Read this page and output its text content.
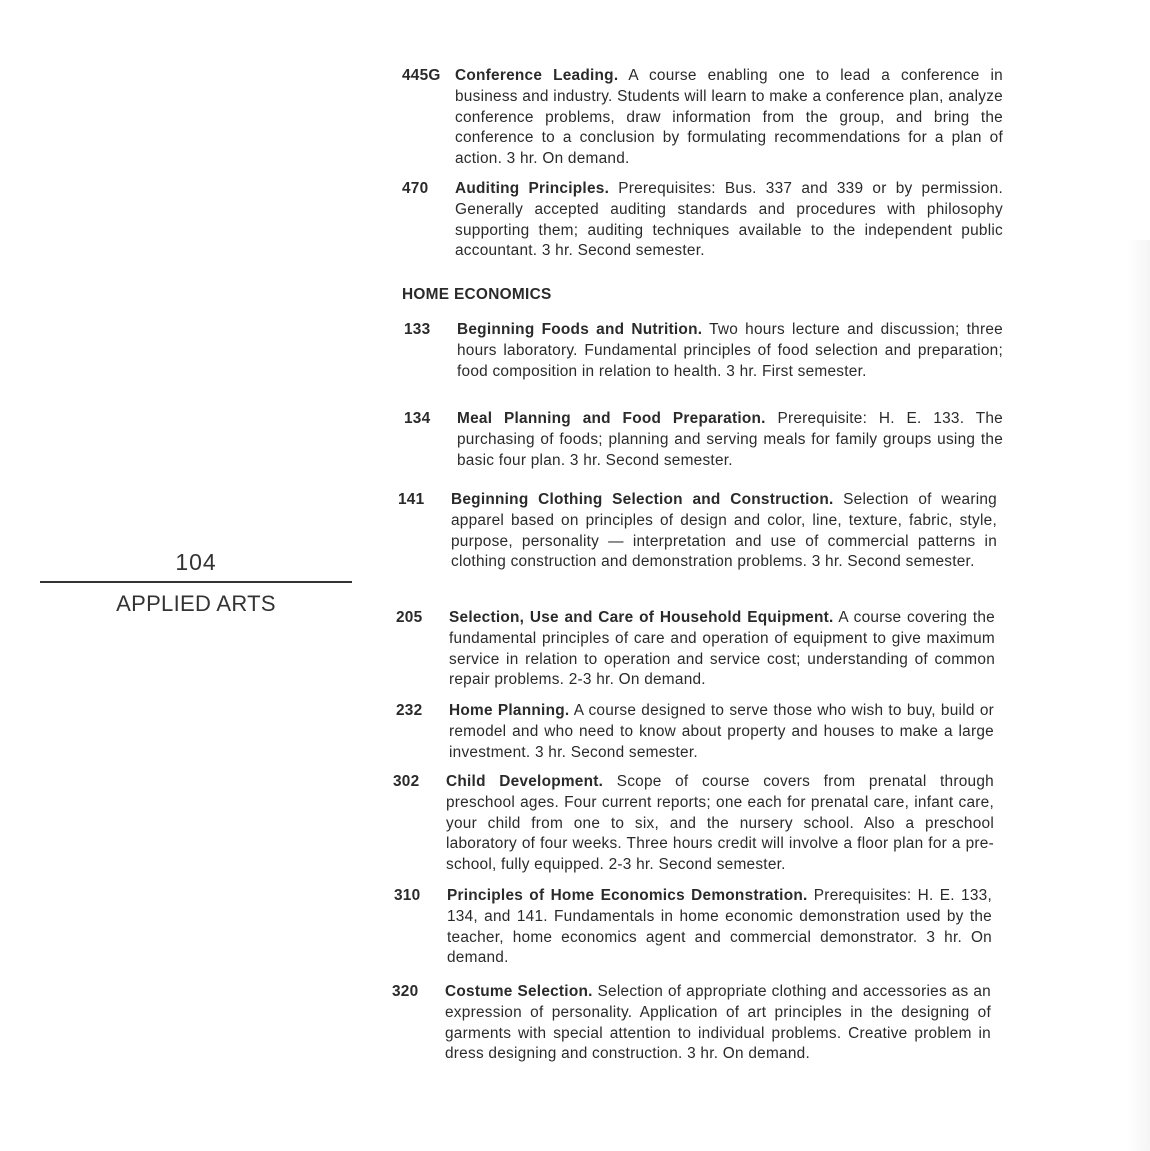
104
APPLIED ARTS
445G Conference Leading. A course enabling one to lead a conference in business and industry. Students will learn to make a conference plan, analyze conference problems, draw information from the group, and bring the conference to a conclusion by formulating recommendations for a plan of action. 3 hr. On demand.
470	Auditing Principles. Prerequisites: Bus. 337 and 339 or by permission. Generally accepted auditing standards and procedures with philosophy supporting them; auditing techniques available to the independent public accountant. 3 hr. Second semester.
HOME ECONOMICS
133	Beginning Foods and Nutrition. Two hours lecture and discussion; three hours laboratory. Fundamental principles of food selection and preparation; food composition in relation to health. 3 hr. First semester.
134	Meal Planning and Food Preparation. Prerequisite: H. E. 133. The purchasing of foods; planning and serving meals for family groups using the basic four plan. 3 hr. Second semester.
141	Beginning Clothing Selection and Construction. Selection of wearing apparel based on principles of design and color, line, texture, fabric, style, purpose, personality — interpretation and use of commercial patterns in clothing construction and demonstration problems. 3 hr. Second semester.
205	Selection, Use and Care of Household Equipment. A course covering the fundamental principles of care and operation of equipment to give maximum service in relation to operation and service cost; understanding of common repair problems. 2-3 hr. On demand.
232	Home Planning. A course designed to serve those who wish to buy, build or remodel and who need to know about property and houses to make a large investment. 3 hr. Second semester.
302	Child Development. Scope of course covers from prenatal through preschool ages. Four current reports; one each for prenatal care, infant care, your child from one to six, and the nursery school. Also a preschool laboratory of four weeks. Three hours credit will involve a floor plan for a pre-school, fully equipped. 2-3 hr. Second semester.
310	Principles of Home Economics Demonstration. Prerequisites: H. E. 133, 134, and 141. Fundamentals in home economic demonstration used by the teacher, home economics agent and commercial demonstrator. 3 hr. On demand.
320	Costume Selection. Selection of appropriate clothing and accessories as an expression of personality. Application of art principles in the designing of garments with special attention to individual problems. Creative problem in dress designing and construction. 3 hr. On demand.
